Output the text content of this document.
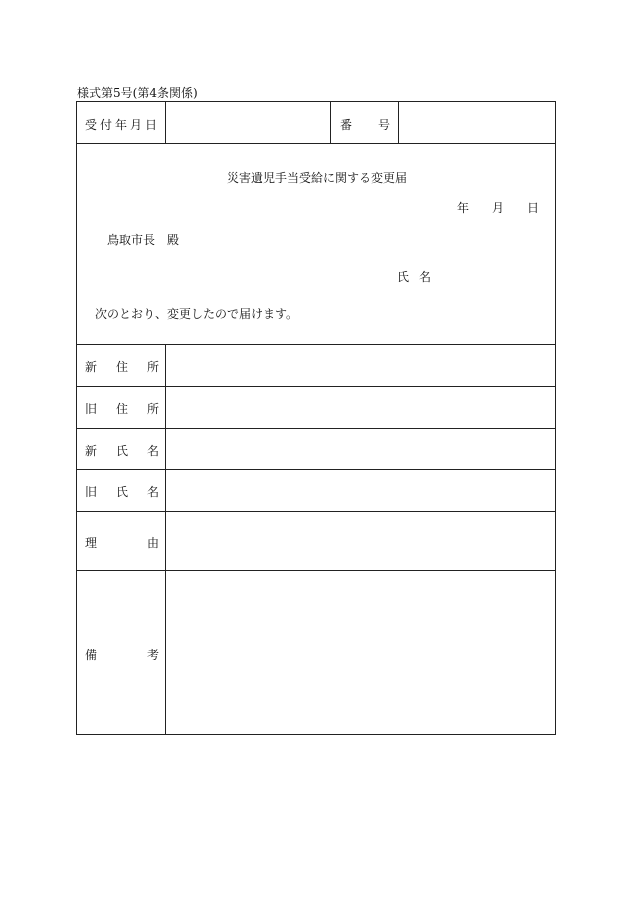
様式第5号(第4条関係)
受 付 年 月 日	番 号
災害遺児手当受給に関する変更届
年 月 日
鳥取市長　殿
氏 名
次のとおり、変更したので届けます。
新 住 所
旧 住 所
新 氏 名
旧 氏 名
理	由
備	考
